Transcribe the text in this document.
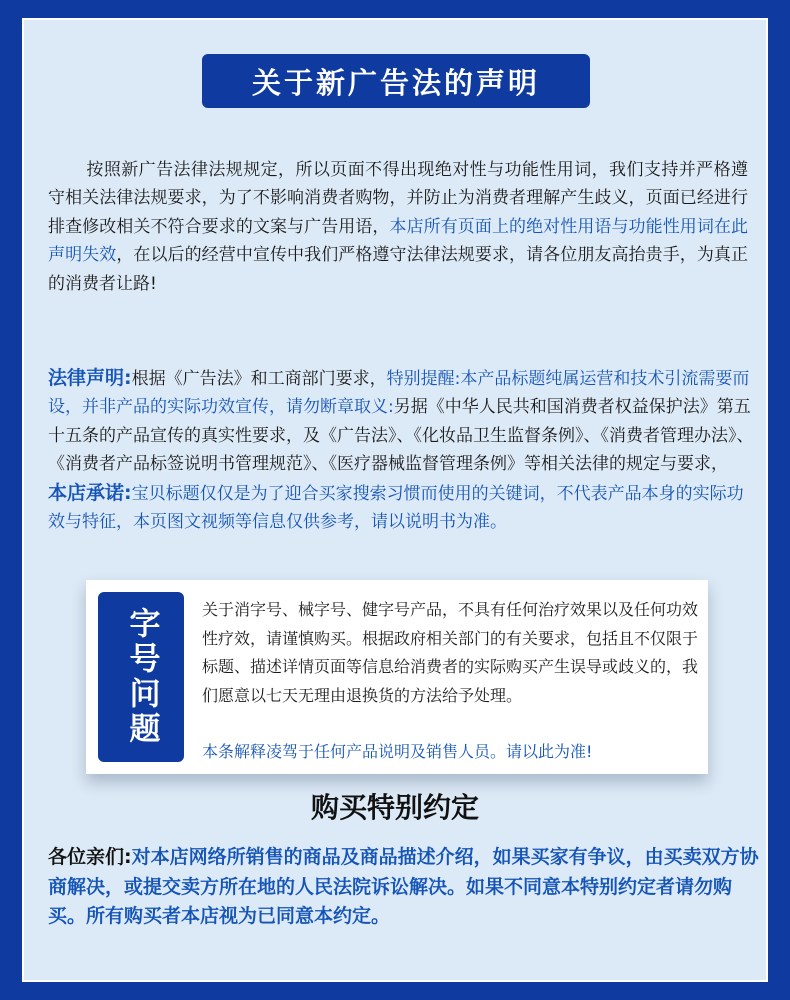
关于新广告法的声明
按照新广告法律法规规定，所以页面不得出现绝对性与功能性用词，我们支持并严格遵守相关法律法规要求，为了不影响消费者购物，并防止为消费者理解产生歧义，页面已经进行排查修改相关不符合要求的文案与广告用语，本店所有页面上的绝对性用语与功能性用词在此声明失效，在以后的经营中宣传中我们严格遵守法律法规要求，请各位朋友高抬贵手，为真正的消费者让路!
法律声明:根据《广告法》和工商部门要求，特别提醒:本产品标题纯属运营和技术引流需要而设，并非产品的实际功效宣传，请勿断章取义:另据《中华人民共和国消费者权益保护法》第五十五条的产品宣传的真实性要求，及《广告法》、《化妆品卫生监督条例》、《消费者管理办法》、《消费者产品标签说明书管理规范》、《医疗器械监督管理条例》等相关法律的规定与要求，
本店承诺:宝贝标题仅仅是为了迎合买家搜索习惯而使用的关键词，不代表产品本身的实际功效与特征，本页图文视频等信息仅供参考，请以说明书为准。
字号问题	关于消字号、械字号、健字号产品，不具有任何治疗效果以及任何功效性疗效，请谨慎购买。根据政府相关部门的有关要求，包括且不仅限于标题、描述详情页面等信息给消费者的实际购买产生误导或歧义的，我们愿意以七天无理由退换货的方法给予处理。
本条解释凌驾于任何产品说明及销售人员。请以此为准!
购买特别约定
各位亲们:对本店网络所销售的商品及商品描述介绍，如果买家有争议，由买卖双方协商解决，或提交卖方所在地的人民法院诉讼解决。如果不同意本特别约定者请勿购买。所有购买者本店视为已同意本约定。
